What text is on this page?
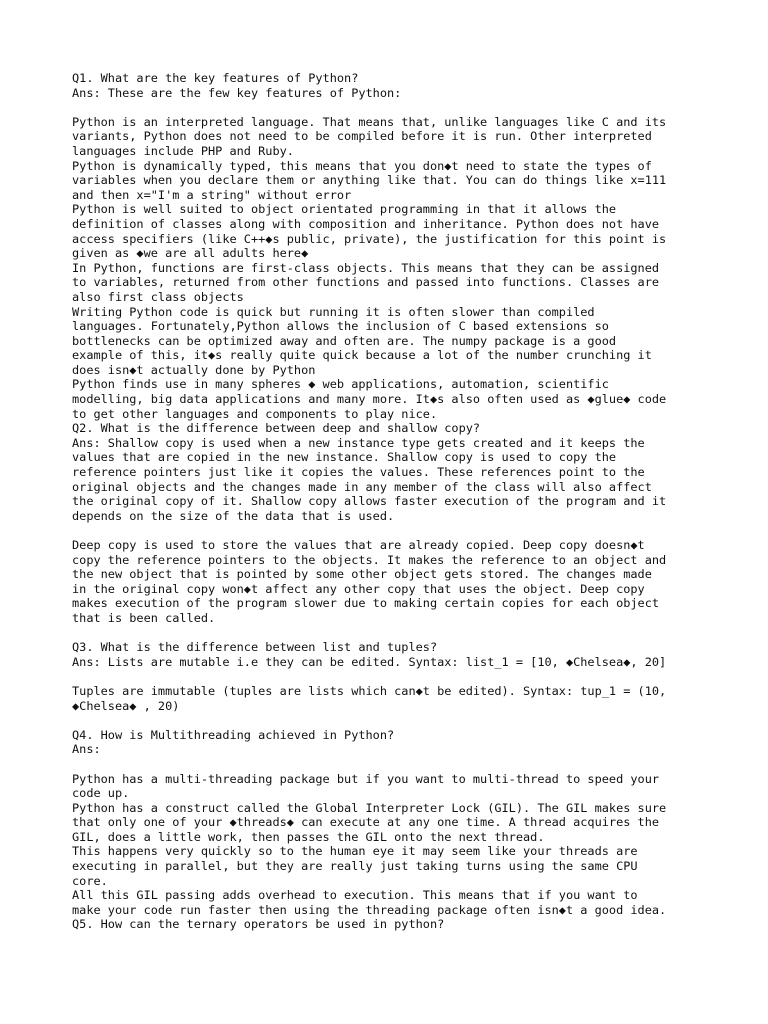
Q1. What are the key features of Python?
Ans: These are the few key features of Python:
Python is an interpreted language. That means that, unlike languages like C and its
variants, Python does not need to be compiled before it is run. Other interpreted
languages include PHP and Ruby.
Python is dynamically typed, this means that you don◆t need to state the types of
variables when you declare them or anything like that. You can do things like x=111
and then x="I'm a string" without error
Python is well suited to object orientated programming in that it allows the
definition of classes along with composition and inheritance. Python does not have
access specifiers (like C++◆s public, private), the justification for this point is
given as ◆we are all adults here◆
In Python, functions are first-class objects. This means that they can be assigned
to variables, returned from other functions and passed into functions. Classes are
also first class objects
Writing Python code is quick but running it is often slower than compiled
languages. Fortunately,Python allows the inclusion of C based extensions so
bottlenecks can be optimized away and often are. The numpy package is a good
example of this, it◆s really quite quick because a lot of the number crunching it
does isn◆t actually done by Python
Python finds use in many spheres ◆ web applications, automation, scientific
modelling, big data applications and many more. It◆s also often used as ◆glue◆ code
to get other languages and components to play nice.
Q2. What is the difference between deep and shallow copy?
Ans: Shallow copy is used when a new instance type gets created and it keeps the
values that are copied in the new instance. Shallow copy is used to copy the
reference pointers just like it copies the values. These references point to the
original objects and the changes made in any member of the class will also affect
the original copy of it. Shallow copy allows faster execution of the program and it
depends on the size of the data that is used.
Deep copy is used to store the values that are already copied. Deep copy doesn◆t
copy the reference pointers to the objects. It makes the reference to an object and
the new object that is pointed by some other object gets stored. The changes made
in the original copy won◆t affect any other copy that uses the object. Deep copy
makes execution of the program slower due to making certain copies for each object
that is been called.
Q3. What is the difference between list and tuples?
Ans: Lists are mutable i.e they can be edited. Syntax: list_1 = [10, ◆Chelsea◆, 20]
Tuples are immutable (tuples are lists which can◆t be edited). Syntax: tup_1 = (10,
◆Chelsea◆ , 20)
Q4. How is Multithreading achieved in Python?
Ans:
Python has a multi-threading package but if you want to multi-thread to speed your
code up.
Python has a construct called the Global Interpreter Lock (GIL). The GIL makes sure
that only one of your ◆threads◆ can execute at any one time. A thread acquires the
GIL, does a little work, then passes the GIL onto the next thread.
This happens very quickly so to the human eye it may seem like your threads are
executing in parallel, but they are really just taking turns using the same CPU
core.
All this GIL passing adds overhead to execution. This means that if you want to
make your code run faster then using the threading package often isn◆t a good idea.
Q5. How can the ternary operators be used in python?
